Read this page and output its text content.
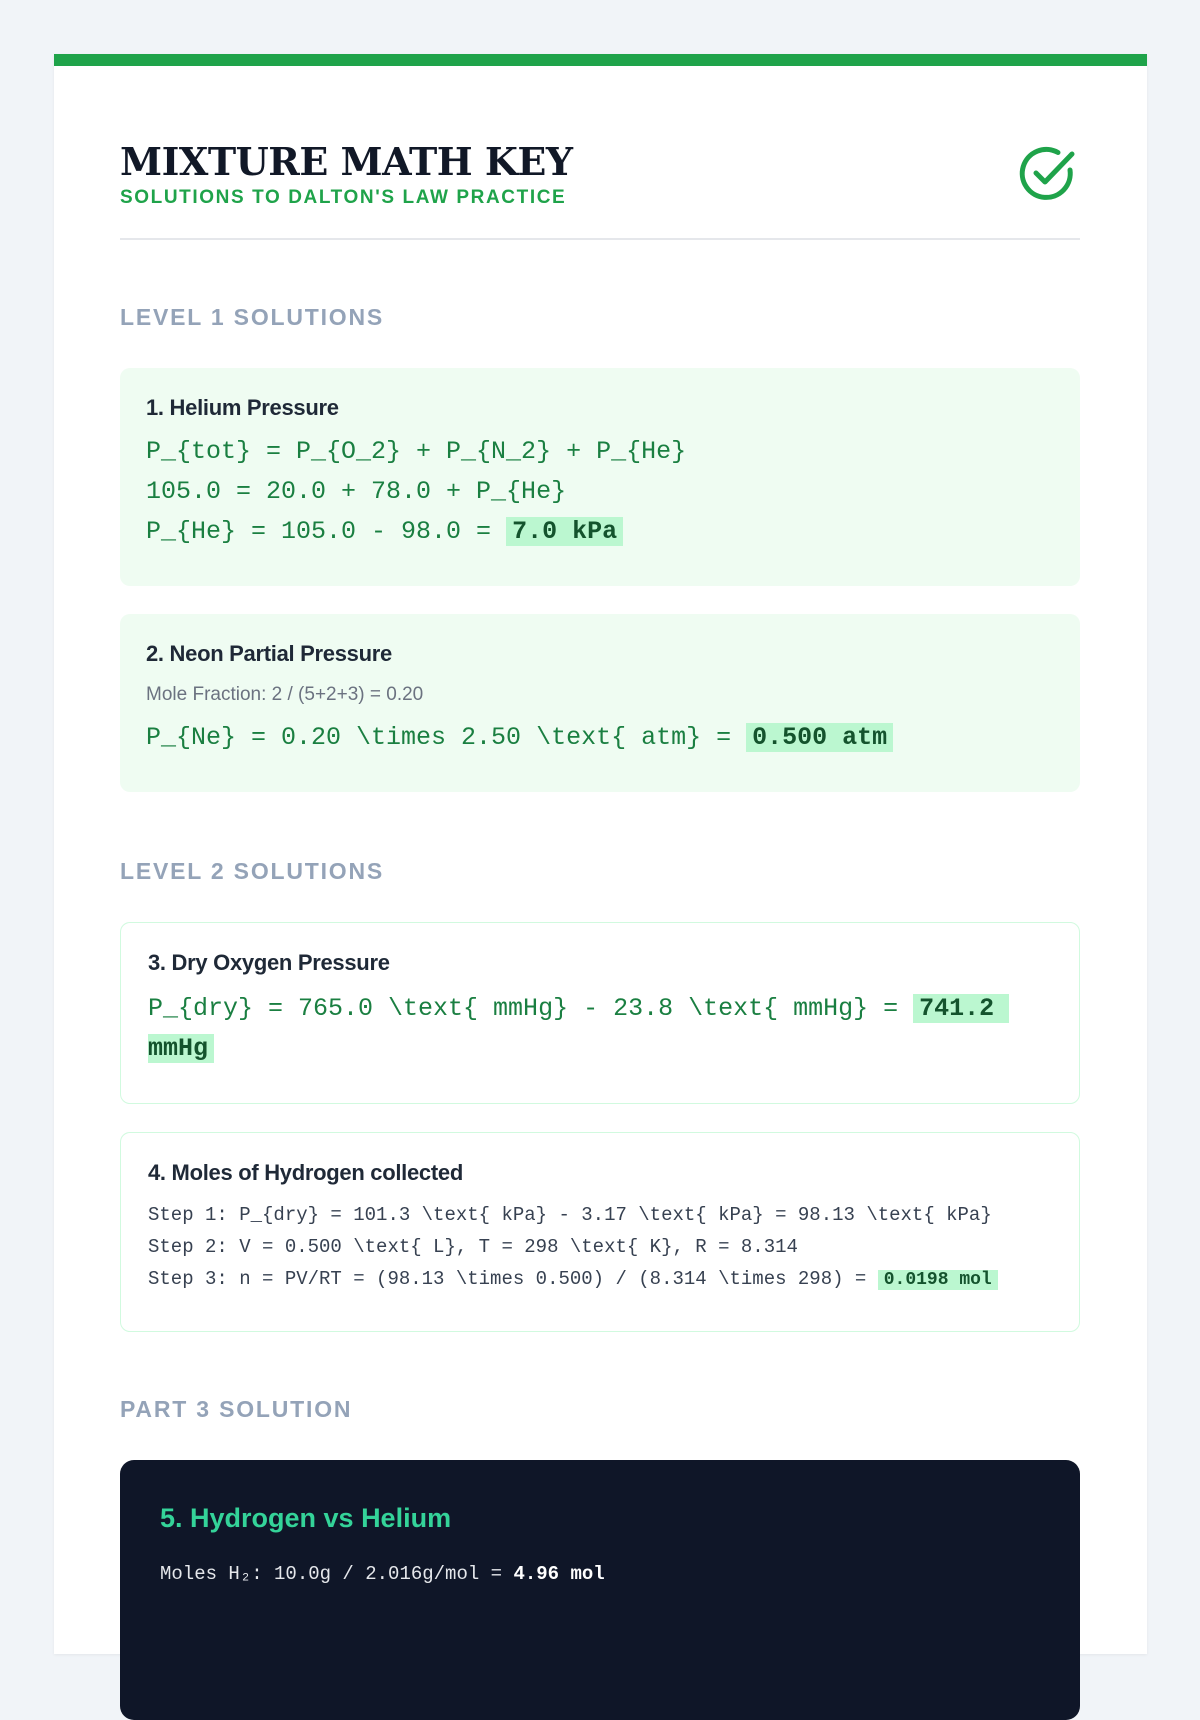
MIXTURE MATH KEY
SOLUTIONS TO DALTON'S LAW PRACTICE
LEVEL 1 SOLUTIONS
1. Helium Pressure
P_{tot} = P_{O_2} + P_{N_2} + P_{He}
105.0 = 20.0 + 78.0 + P_{He}
P_{He} = 105.0 - 98.0 = 7.0 kPa
2. Neon Partial Pressure
Mole Fraction: 2 / (5+2+3) = 0.20
P_{Ne} = 0.20 \times 2.50 \text{ atm} = 0.500 atm
LEVEL 2 SOLUTIONS
3. Dry Oxygen Pressure
P_{dry} = 765.0 \text{ mmHg} - 23.8 \text{ mmHg} = 741.2 mmHg
4. Moles of Hydrogen collected
Step 1: P_{dry} = 101.3 \text{ kPa} - 3.17 \text{ kPa} = 98.13 \text{ kPa}
Step 2: V = 0.500 \text{ L}, T = 298 \text{ K}, R = 8.314
Step 3: n = PV/RT = (98.13 \times 0.500) / (8.314 \times 298) = 0.0198 mol
PART 3 SOLUTION
5. Hydrogen vs Helium
Moles H₂: 10.0g / 2.016g/mol = 4.96 mol
